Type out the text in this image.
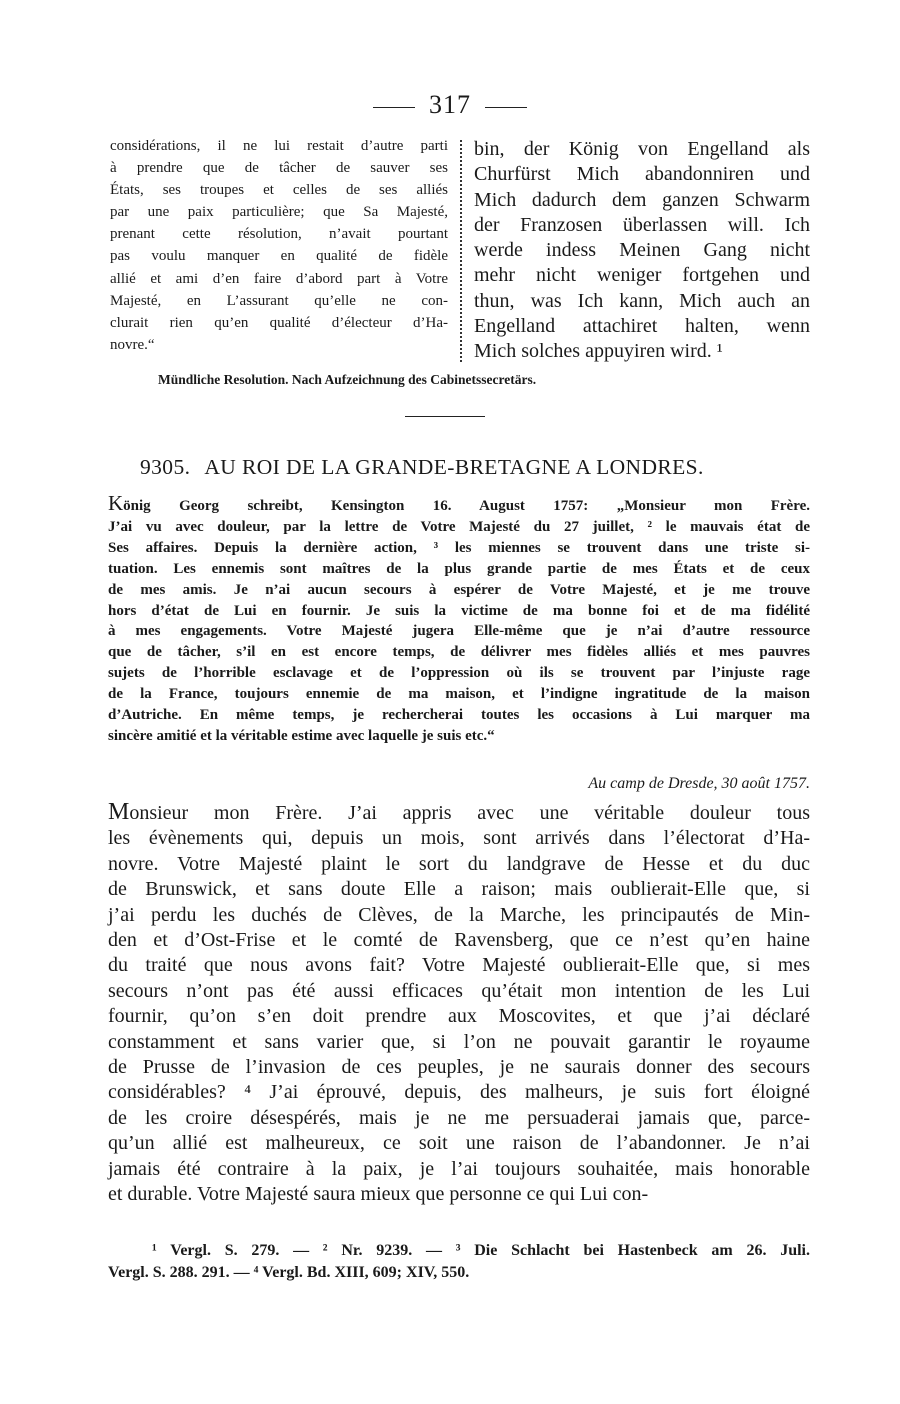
317
considérations, il ne lui restait d’autre parti
à prendre que de tâcher de sauver ses
États, ses troupes et celles de ses alliés
par une paix particulière; que Sa Majesté,
prenant cette résolution, n’avait pourtant
pas voulu manquer en qualité de fidèle
allié et ami d’en faire d’abord part à Votre
Majesté, en L’assurant qu’elle ne con-
clurait rien qu’en qualité d’électeur d’Ha-
novre.“
bin, der König von Engelland als
Churfürst Mich abandonniren und
Mich dadurch dem ganzen Schwarm
der Franzosen überlassen will. Ich
werde indess Meinen Gang nicht
mehr nicht weniger fortgehen und
thun, was Ich kann, Mich auch an
Engelland attachiret halten, wenn
Mich solches appuyiren wird. ¹
Mündliche Resolution. Nach Aufzeichnung des Cabinetssecretärs.
9305. AU ROI DE LA GRANDE-BRETAGNE A LONDRES.
König Georg schreibt, Kensington 16. August 1757: „Monsieur mon Frère.
J’ai vu avec douleur, par la lettre de Votre Majesté du 27 juillet, ² le mauvais état de
Ses affaires. Depuis la dernière action, ³ les miennes se trouvent dans une triste si-
tuation. Les ennemis sont maîtres de la plus grande partie de mes États et de ceux
de mes amis. Je n’ai aucun secours à espérer de Votre Majesté, et je me trouve
hors d’état de Lui en fournir. Je suis la victime de ma bonne foi et de ma fidélité
à mes engagements. Votre Majesté jugera Elle-même que je n’ai d’autre ressource
que de tâcher, s’il en est encore temps, de délivrer mes fidèles alliés et mes pauvres
sujets de l’horrible esclavage et de l’oppression où ils se trouvent par l’injuste rage
de la France, toujours ennemie de ma maison, et l’indigne ingratitude de la maison
d’Autriche. En même temps, je rechercherai toutes les occasions à Lui marquer ma
sincère amitié et la véritable estime avec laquelle je suis etc.“
Au camp de Dresde, 30 août 1757.
Monsieur mon Frère. J’ai appris avec une véritable douleur tous
les évènements qui, depuis un mois, sont arrivés dans l’électorat d’Ha-
novre. Votre Majesté plaint le sort du landgrave de Hesse et du duc
de Brunswick, et sans doute Elle a raison; mais oublierait-Elle que, si
j’ai perdu les duchés de Clèves, de la Marche, les principautés de Min-
den et d’Ost-Frise et le comté de Ravensberg, que ce n’est qu’en haine
du traité que nous avons fait? Votre Majesté oublierait-Elle que, si mes
secours n’ont pas été aussi efficaces qu’était mon intention de les Lui
fournir, qu’on s’en doit prendre aux Moscovites, et que j’ai déclaré
constamment et sans varier que, si l’on ne pouvait garantir le royaume
de Prusse de l’invasion de ces peuples, je ne saurais donner des secours
considérables? ⁴ J’ai éprouvé, depuis, des malheurs, je suis fort éloigné
de les croire désespérés, mais je ne me persuaderai jamais que, parce-
qu’un allié est malheureux, ce soit une raison de l’abandonner. Je n’ai
jamais été contraire à la paix, je l’ai toujours souhaitée, mais honorable
et durable. Votre Majesté saura mieux que personne ce qui Lui con-
¹ Vergl. S. 279. — ² Nr. 9239. — ³ Die Schlacht bei Hastenbeck am 26. Juli.
Vergl. S. 288. 291. — ⁴ Vergl. Bd. XIII, 609; XIV, 550.
